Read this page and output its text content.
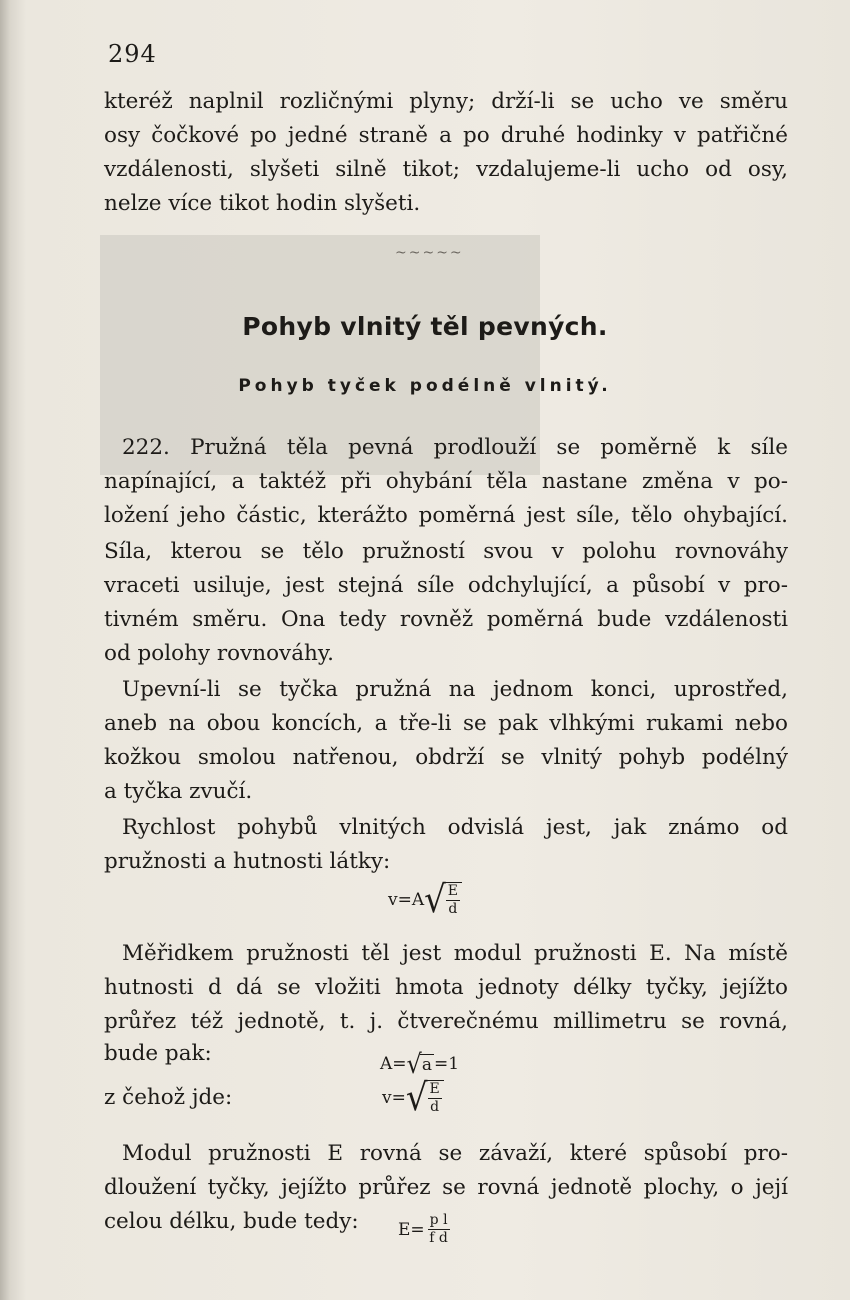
294

kteréž naplnil rozličnými plyny; drží-li se ucho ve směru

osy čočkové po jedné straně a po druhé hodinky v patřičné

vzdálenosti, slyšeti silně tikot; vzdalujeme-li ucho od osy,

nelze více tikot hodin slyšeti.

~~~~~
Pohyb vlnitý těl pevných.
Pohyb tyček podélně vlnitý.

222. Pružná těla pevná prodlouží se poměrně k síle

napínající, a taktéž při ohybání těla nastane změna v po-

ložení jeho částic, kterážto poměrná jest síle, tělo ohybající.

Síla, kterou se tělo pružností svou v polohu rovnováhy

vraceti usiluje, jest stejná síle odchylující, a působí v pro-

tivném směru. Ona tedy rovněž poměrná bude vzdálenosti

od polohy rovnováhy.

Upevní-li se tyčka pružná na jednom konci, uprostřed,

aneb na obou koncích, a tře-li se pak vlhkými rukami nebo

kožkou smolou natřenou, obdrží se vlnitý pohyb podélný

a tyčka zvučí.

Rychlost pohybů vlnitých odvislá jest, jak známo od

pružnosti a hutnosti látky:

v=A √
$\frac{E}{d}$

Měřidkem pružnosti těl jest modul pružnosti E. Na místě

hutnosti d dá se vložiti hmota jednoty délky tyčky, jejížto

průřez též jednotě, t. j. čtverečnému millimetru se rovná,

bude pak:	A= √ a =1

z čehož jde:	v= √
$\frac{E}{d}$

Modul pružnosti E rovná se závaží, které spůsobí pro-

dloužení tyčky, jejížto průřez se rovná jednotě plochy, o její

celou délku, bude tedy:	$E= \frac{\text{p l}}{\text{f d}}$
